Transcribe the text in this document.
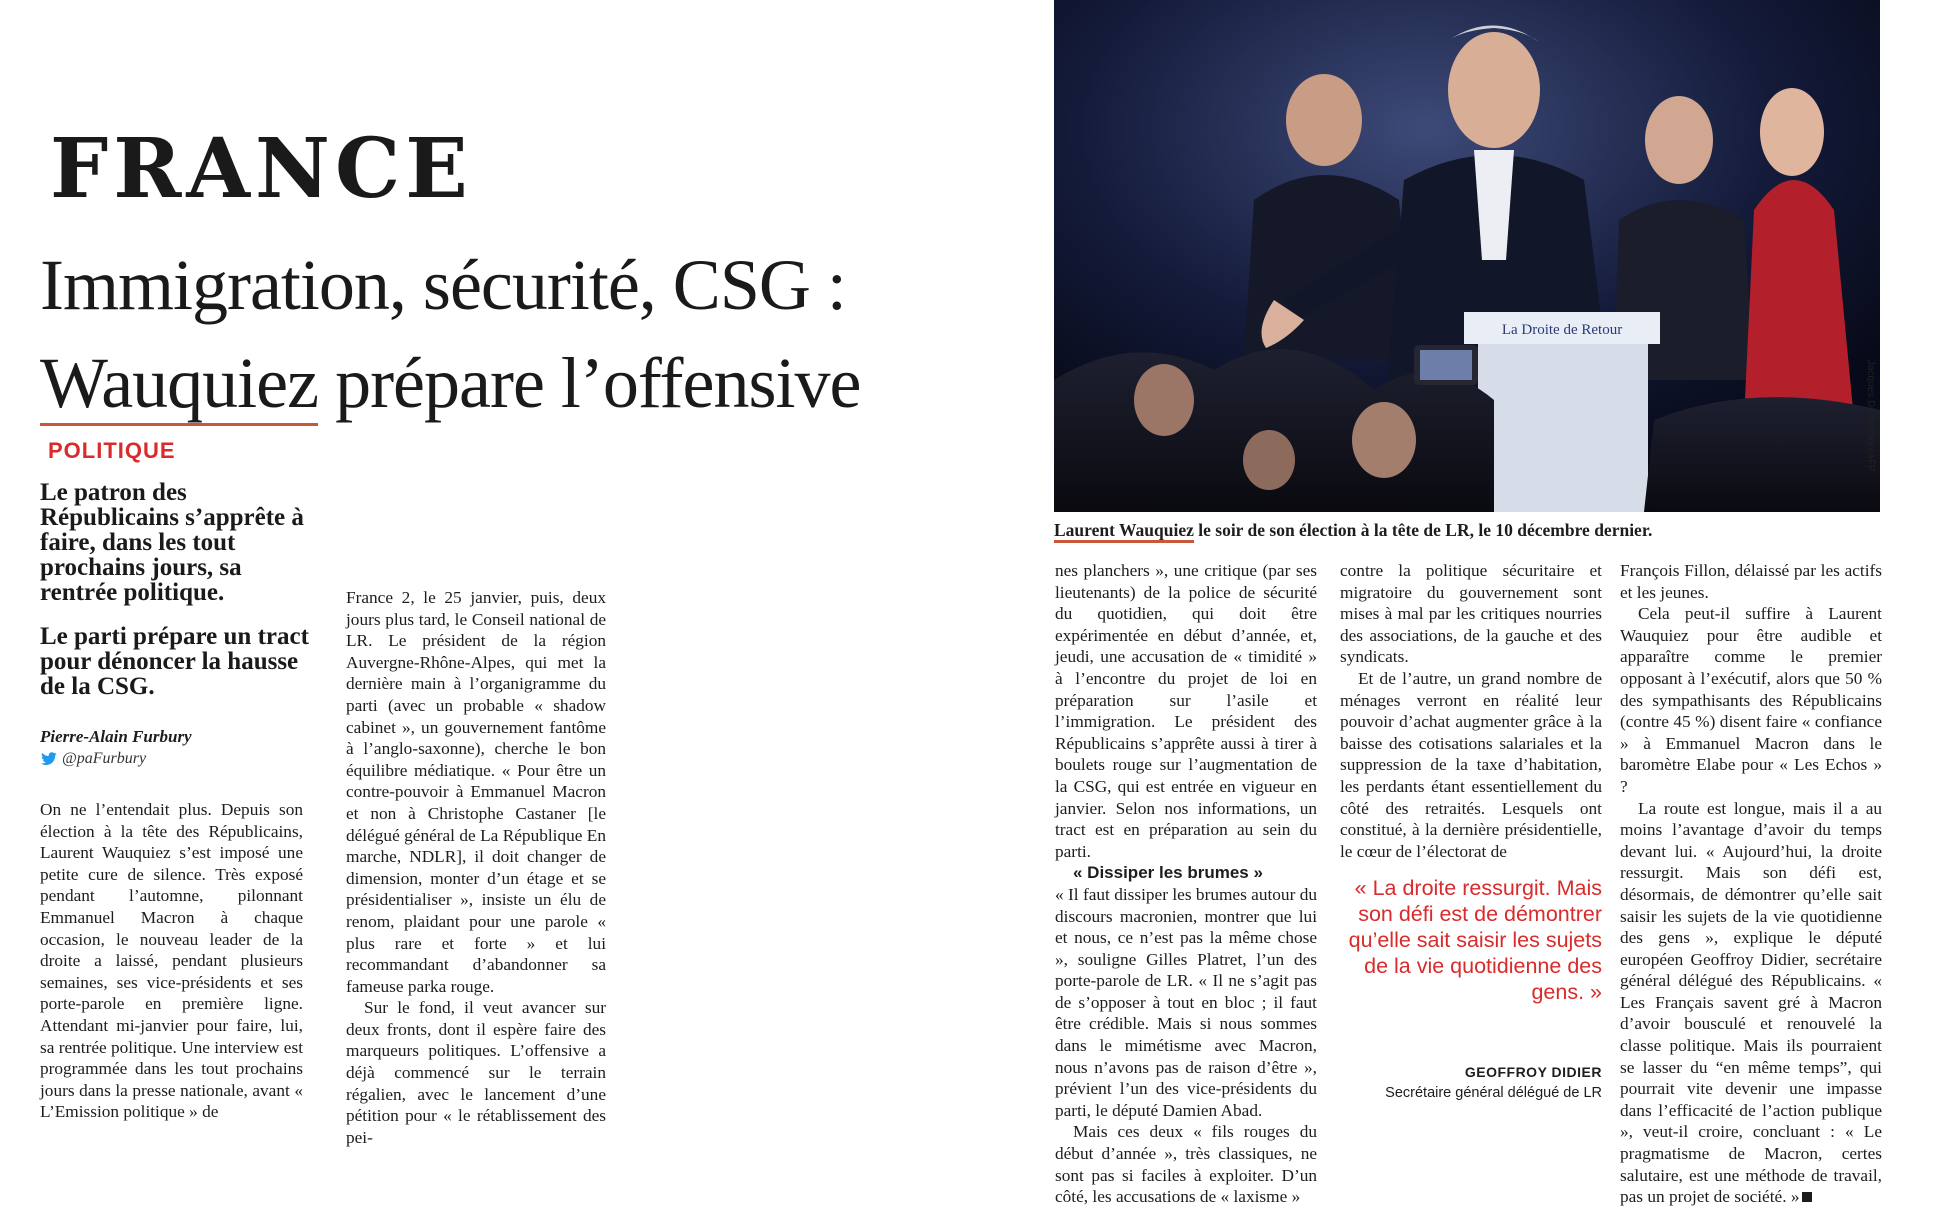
FRANCE
Immigration, sécurité, CSG :
Wauquiez prépare l’offensive
POLITIQUE

Le patron des Républicains s’apprête à faire, dans les tout prochains jours, sa rentrée politique.

Le parti prépare un tract pour dénoncer la hausse de la CSG.

Pierre-Alain Furbury
@paFurbury

On ne l’entendait plus. Depuis son élection à la tête des Républicains, Laurent Wauquiez s’est imposé une petite cure de silence. Très exposé pendant l’automne, pilonnant Emmanuel Macron à chaque occasion, le nouveau leader de la droite a laissé, pendant plusieurs semaines, ses vice-présidents et ses porte-parole en première ligne. Attendant mi-janvier pour faire, lui, sa rentrée politique. Une interview est programmée dans les tout prochains jours dans la presse nationale, avant « L’Emission politique » de

France 2, le 25 janvier, puis, deux jours plus tard, le Conseil national de LR. Le président de la région Auvergne-Rhône-Alpes, qui met la dernière main à l’organigramme du parti (avec un probable « shadow cabinet », un gouvernement fantôme à l’anglo-saxonne), cherche le bon équilibre médiatique. « Pour être un contre-pouvoir à Emmanuel Macron et non à Christophe Castaner [le délégué général de La République En marche, NDLR], il doit changer de dimension, monter d’un étage et se présidentialiser », insiste un élu de renom, plaidant pour une parole « plus rare et forte » et lui recommandant d’abandonner sa fameuse parka rouge.

Sur le fond, il veut avancer sur deux fronts, dont il espère faire des marqueurs politiques. L’offensive a déjà commencé sur le terrain régalien, avec le lancement d’une pétition pour « le rétablissement des pei-

La Droite de Retour
Jacques Demarthon/AFP
Laurent Wauquiez le soir de son élection à la tête de LR, le 10 décembre dernier.

nes planchers », une critique (par ses lieutenants) de la police de sécurité du quotidien, qui doit être expérimentée en début d’année, et, jeudi, une accusation de « timidité » à l’encontre du projet de loi en préparation sur l’asile et l’immigration. Le président des Républicains s’apprête aussi à tirer à boulets rouge sur l’augmentation de la CSG, qui est entrée en vigueur en janvier. Selon nos informations, un tract est en préparation au sein du parti.

« Dissiper les brumes »

« Il faut dissiper les brumes autour du discours macronien, montrer que lui et nous, ce n’est pas la même chose », souligne Gilles Platret, l’un des porte-parole de LR. « Il ne s’agit pas de s’opposer à tout en bloc ; il faut être crédible. Mais si nous sommes dans le mimétisme avec Macron, nous n’avons pas de raison d’être », prévient l’un des vice-présidents du parti, le député Damien Abad.

Mais ces deux « fils rouges du début d’année », très classiques, ne sont pas si faciles à exploiter. D’un côté, les accusations de « laxisme »

contre la politique sécuritaire et migratoire du gouvernement sont mises à mal par les critiques nourries des associations, de la gauche et des syndicats.

Et de l’autre, un grand nombre de ménages verront en réalité leur pouvoir d’achat augmenter grâce à la baisse des cotisations salariales et la suppression de la taxe d’habitation, les perdants étant essentiellement du côté des retraités. Lesquels ont constitué, à la dernière présidentielle, le cœur de l’électorat de

« La droite ressurgit. Mais son défi est de démontrer qu’elle sait saisir les sujets de la vie quotidienne des gens. »
GEOFFROY DIDIER
Secrétaire général délégué de LR

François Fillon, délaissé par les actifs et les jeunes.

Cela peut-il suffire à Laurent Wauquiez pour être audible et apparaître comme le premier opposant à l’exécutif, alors que 50 % des sympathisants des Républicains (contre 45 %) disent faire « confiance » à Emmanuel Macron dans le baromètre Elabe pour « Les Echos » ?

La route est longue, mais il a au moins l’avantage d’avoir du temps devant lui. « Aujourd’hui, la droite ressurgit. Mais son défi est, désormais, de démontrer qu’elle sait saisir les sujets de la vie quotidienne des gens », explique le député européen Geoffroy Didier, secrétaire général délégué des Républicains. « Les Français savent gré à Macron d’avoir bousculé et renouvelé la classe politique. Mais ils pourraient se lasser du “en même temps”, qui pourrait vite devenir une impasse dans l’efficacité de l’action publique », veut-il croire, concluant : « Le pragmatisme de Macron, certes salutaire, est une méthode de travail, pas un projet de société. »
